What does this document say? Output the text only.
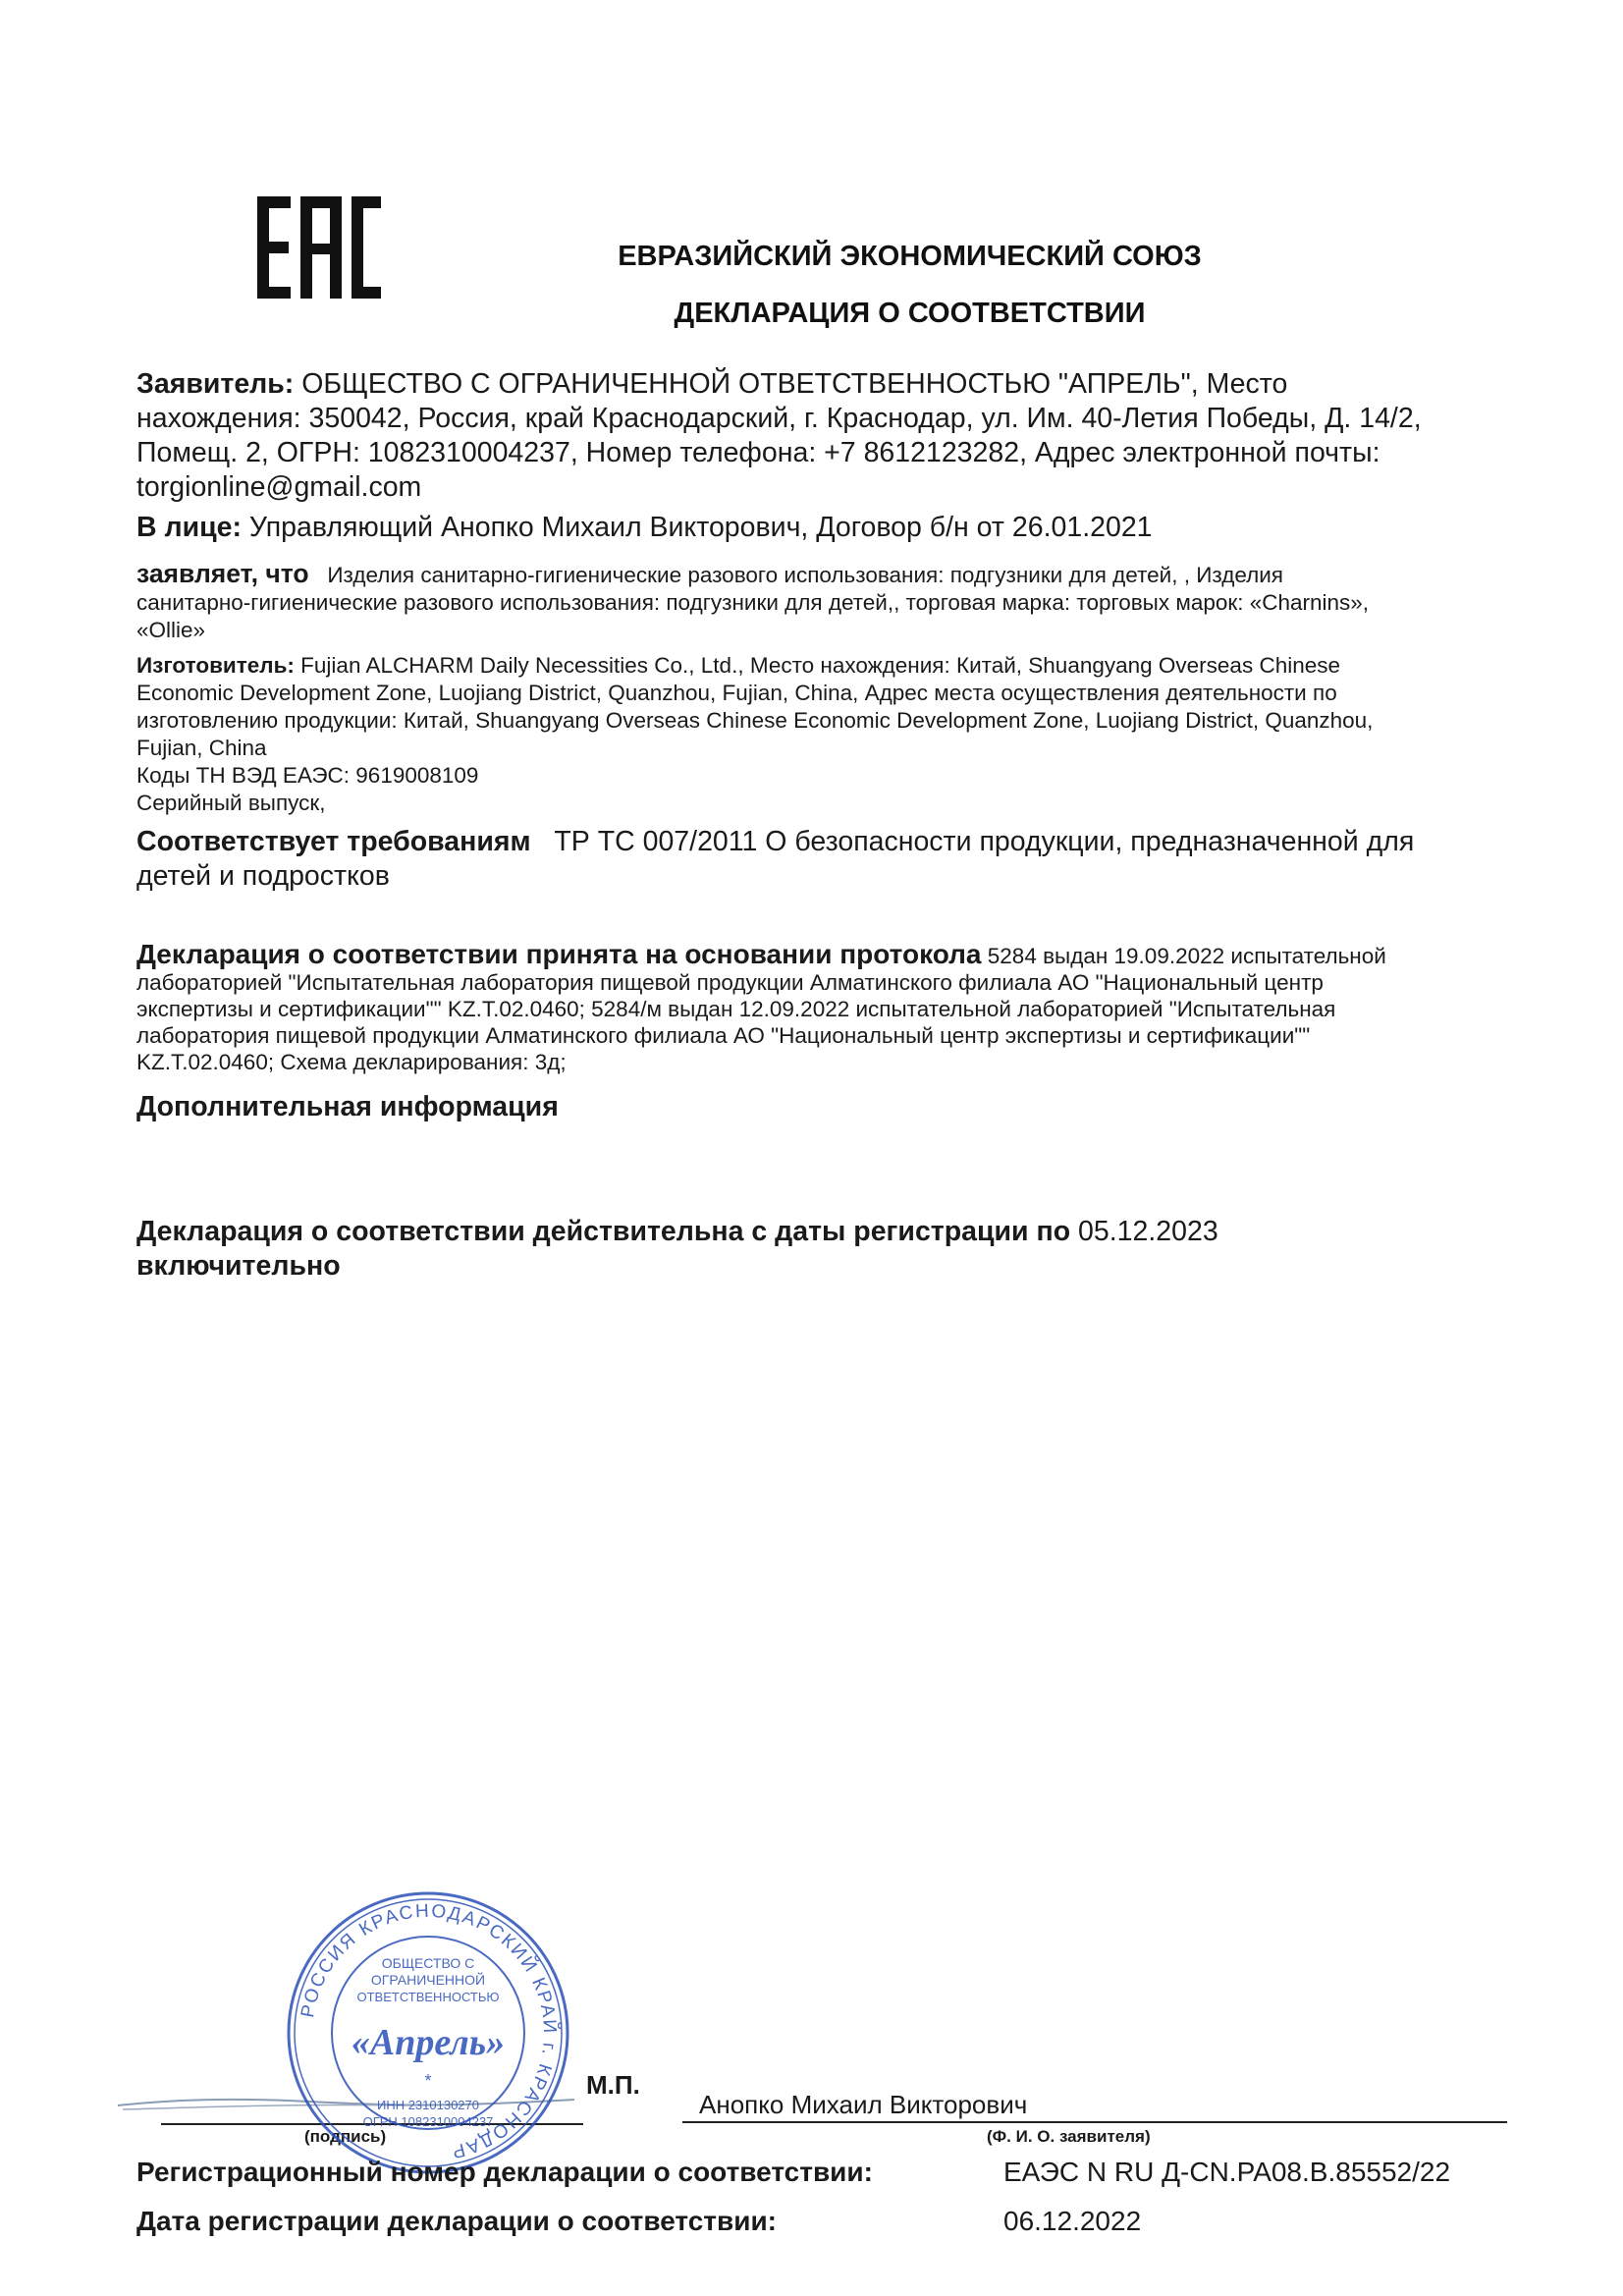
ЕВРАЗИЙСКИЙ ЭКОНОМИЧЕСКИЙ СОЮЗ
ДЕКЛАРАЦИЯ О СООТВЕТСТВИИ
Заявитель: ОБЩЕСТВО С ОГРАНИЧЕННОЙ ОТВЕТСТВЕННОСТЬЮ "АПРЕЛЬ", Место
нахождения: 350042, Россия, край Краснодарский, г. Краснодар, ул. Им. 40-Летия Победы, Д. 14/2,
Помещ. 2, ОГРН: 1082310004237, Номер телефона: +7 8612123282, Адрес электронной почты:
torgionline@gmail.com
В лице: Управляющий Анопко Михаил Викторович, Договор б/н от 26.01.2021
заявляет, что Изделия санитарно-гигиенические разового использования: подгузники для детей, , Изделия
санитарно-гигиенические разового использования: подгузники для детей,, торговая марка: торговых марок: «Charnins»,
«Ollie»
Изготовитель: Fujian ALCHARM Daily Necessities Co., Ltd., Место нахождения: Китай, Shuangyang Overseas Chinese
Economic Development Zone, Luojiang District, Quanzhou, Fujian, China, Адрес места осуществления деятельности по
изготовлению продукции: Китай, Shuangyang Overseas Chinese Economic Development Zone, Luojiang District, Quanzhou,
Fujian, China
Коды ТН ВЭД ЕАЭС: 9619008109
Серийный выпуск,
Соответствует требованиям ТР ТС 007/2011 О безопасности продукции, предназначенной для
детей и подростков
Декларация о соответствии принята на основании протокола 5284 выдан 19.09.2022 испытательной
лабораторией "Испытательная лаборатория пищевой продукции Алматинского филиала АО "Национальный центр
экспертизы и сертификации"" KZ.T.02.0460; 5284/м выдан 12.09.2022 испытательной лабораторией "Испытательная
лаборатория пищевой продукции Алматинского филиала АО "Национальный центр экспертизы и сертификации""
KZ.T.02.0460; Схема декларирования: 3д;
Дополнительная информация
Декларация о соответствии действительна с даты регистрации по 05.12.2023
включительно
М.П.
Анопко Михаил Викторович
(подпись)	(Ф. И. О. заявителя)
РОССИЯ КРАСНОДАРСКИЙ КРАЙ г. КРАСНОДАР
ОБЩЕСТВО С
ОГРАНИЧЕННОЙ
ОТВЕТСТВЕННОСТЬЮ
«Апрель»
*
ИНН 2310130270
ОГРН 1082310004237
Регистрационный номер декларации о соответствии:	ЕАЭС N RU Д-CN.PA08.B.85552/22
Дата регистрации декларации о соответствии:	06.12.2022
